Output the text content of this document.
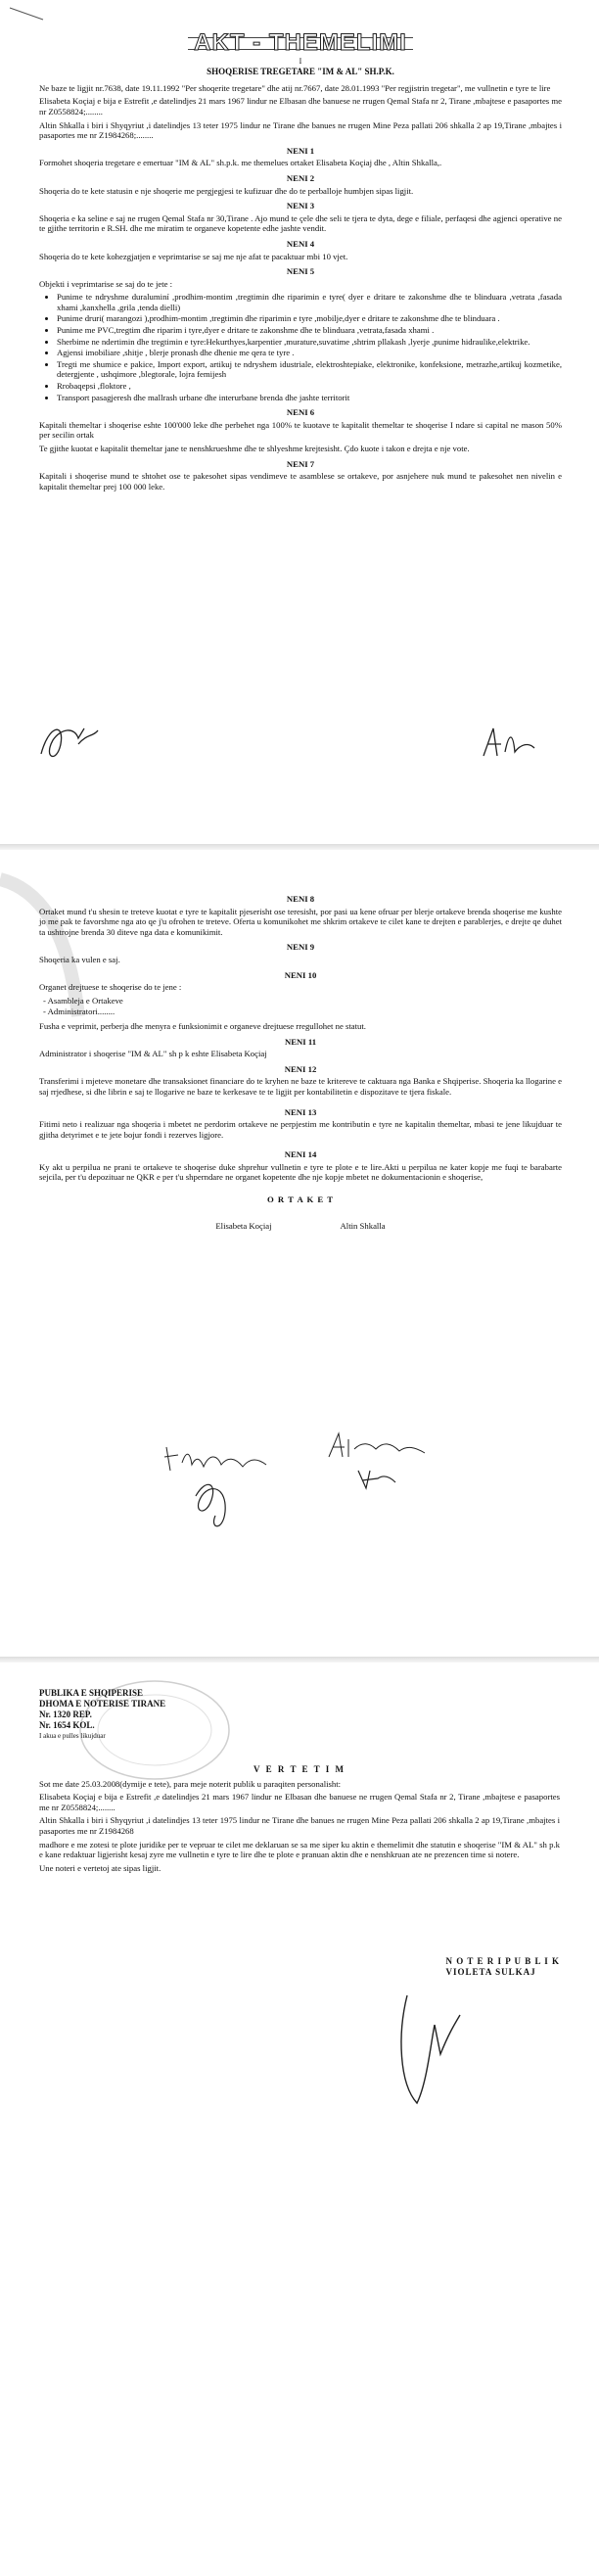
AKT - THEMELIMI
I
SHOQERISE TREGETARE "IM & AL" SH.P.K.

Ne baze te ligjit nr.7638, date 19.11.1992 "Per shoqerite tregetare" dhe atij nr.7667, date 28.01.1993 "Per regjistrin tregetar", me vullnetin e tyre te lire

Elisabeta Koçiaj e bija e Estrefit ,e datelindjes 21 mars 1967 lindur ne Elbasan dhe banuese ne rrugen Qemal Stafa nr 2, Tirane ,mbajtese e pasaportes me nr Z0558824;........

Altin Shkalla i biri i Shyqyriut ,i datelindjes 13 teter 1975 lindur ne Tirane dhe banues ne rrugen Mine Peza pallati 206 shkalla 2 ap 19,Tirane ,mbajtes i pasaportes me nr Z1984268;........

NENI 1

Formohet shoqeria tregetare e emertuar "IM & AL" sh.p.k. me themelues ortaket Elisabeta Koçiaj dhe , Altin Shkalla,.

NENI 2

Shoqeria do te kete statusin e nje shoqerie me pergjegjesi te kufizuar dhe do te perballoje humbjen sipas ligjit.

NENI 3

Shoqeria e ka seline e saj ne rrugen Qemal Stafa nr 30,Tirane . Ajo mund te çele dhe seli te tjera te dyta, dege e filiale, perfaqesi dhe agjenci operative ne te gjithe territorin e R.SH. dhe me miratim te organeve kopetente edhe jashte vendit.

NENI 4

Shoqeria do te kete kohezgjatjen e veprimtarise se saj me nje afat te pacaktuar mbi 10 vjet.

NENI 5

Objekti i veprimtarise se saj do te jete :

• Punime te ndryshme duraluminí ,prodhim-montim ,tregtimin dhe riparimin e tyre( dyer e dritare te zakonshme dhe te blinduara ,vetrata ,fasada xhami ,kanxhella ,grila ,tenda dielli)
• Punime druri( marangozi ),prodhim-montim ,tregtimin dhe riparimin e tyre ,mobilje,dyer e dritare te zakonshme dhe te blinduara .
• Punime me PVC,tregtim dhe riparim i tyre,dyer e dritare te zakonshme dhe te blinduara ,vetrata,fasada xhami .
• Sherbime ne ndertimin dhe tregtimin e tyre:Hekurthyes,karpentier ,murature,suvatime ,shtrim pllakash ,lyerje ,punime hidraulike,elektrike.
• Agjensi imobiliare ,shitje , blerje pronash dhe dhenie me qera te tyre .
• Tregti me shumice e pakice, Import export, artikuj te ndryshem idustriale, elektroshtepiake, elektronike, konfeksione, metrazhe,artikuj kozmetike, detergjente , ushqimore ,blegtorale, lojra femijesh
• Rrobaqepsi ,floktore ,
• Transport pasagjeresh dhe mallrash urbane dhe interurbane brenda dhe jashte territorit
NENI 6

Kapitali themeltar i shoqerise eshte 100'000 leke dhe perbehet nga 100% te kuotave te kapitalit themeltar te shoqerise I ndare si capital ne mason 50% per secilin ortak

Te gjithe kuotat e kapitalit themeltar jane te nenshkrueshme dhe te shlyeshme krejtesisht. Çdo kuote i takon e drejta e nje vote.

NENI 7

Kapitali i shoqerise mund te shtohet ose te pakesohet sipas vendimeve te asamblese se ortakeve, por asnjehere nuk mund te pakesohet nen nivelin e kapitalit themeltar prej 100 000 leke.

NENI 8

Ortaket mund t'u shesin te treteve kuotat e tyre te kapitalit pjeserisht ose teresisht, por pasi ua kene ofruar per blerje ortakeve brenda shoqerise me kushte jo me pak te favorshme nga ato qe j'u ofrohen te treteve. Oferta u komunikohet me shkrim ortakeve te cilet kane te drejten e parablerjes, e drejte qe duhet ta ushtrojne brenda 30 diteve nga data e komunikimit.

NENI 9

Shoqeria ka vulen e saj.

NENI 10

Organet drejtuese te shoqerise do te jene :

- Asambleja e Ortakeve
- Administratori........

Fusha e veprimit, perberja dhe menyra e funksionimit e organeve drejtuese rregullohet ne statut.

NENI 11

Administrator i shoqerise "IM & AL" sh p k eshte Elisabeta Koçiaj

NENI 12

Transferimi i mjeteve monetare dhe transaksionet financiare do te kryhen ne baze te kritereve te caktuara nga Banka e Shqiperise. Shoqeria ka llogarine e saj rrjedhese, si dhe librin e saj te llogarive ne baze te kerkesave te te ligjit per kontabilitetin e dispozitave te tjera fiskale.

NENI 13

Fitimi neto i realizuar nga shoqeria i mbetet ne perdorim ortakeve ne perpjestim me kontributin e tyre ne kapitalin themeltar, mbasi te jene likujduar te gjitha detyrimet e te jete bojur fondi i rezerves ligjore.

NENI 14

Ky akt u perpilua ne prani te ortakeve te shoqerise duke shprehur vullnetin e tyre te plote e te lire.Akti u perpilua ne kater kopje me fuqi te barabarte sejcila, per t'u depozituar ne QKR e per t'u shperndare ne organet kopetente dhe nje kopje mbetet ne dokumentacionin e shoqerise,

O R T A K E T
Elisabeta Koçiaj	Altin Shkalla
PUBLIKA E SHQIPERISE
DHOMA E NOTERISE TIRANE
Nr. 1320 REP.
Nr. 1654 KOL.
I akua e pulles likujduar
V E R T E T I M

Sot me date 25.03.2008(dymije e tete), para meje noterit publik u paraqiten personalisht:

Elisabeta Koçiaj e bija e Estrefit ,e datelindjes 21 mars 1967 lindur ne Elbasan dhe banuese ne rrugen Qemal Stafa nr 2, Tirane ,mbajtese e pasaportes me nr Z0558824;........

Altin Shkalla i biri i Shyqyriut ,i datelindjes 13 teter 1975 lindur ne Tirane dhe banues ne rrugen Mine Peza pallati 206 shkalla 2 ap 19,Tirane ,mbajtes i pasaportes me nr Z1984268

madhore e me zotesi te plote juridike per te vepruar te cilet me deklaruan se sa me siper ku aktin e themelimit dhe statutin e shoqerise "IM & AL" sh p.k e kane redaktuar ligjerisht kesaj zyre me vullnetin e tyre te lire dhe te plote e pranuan aktin dhe e nenshkruan ate ne prezencen time si notere.

Une noteri e vertetoj ate sipas ligjit.

N O T E R I P U B L I K
VIOLETA SULKAJ
